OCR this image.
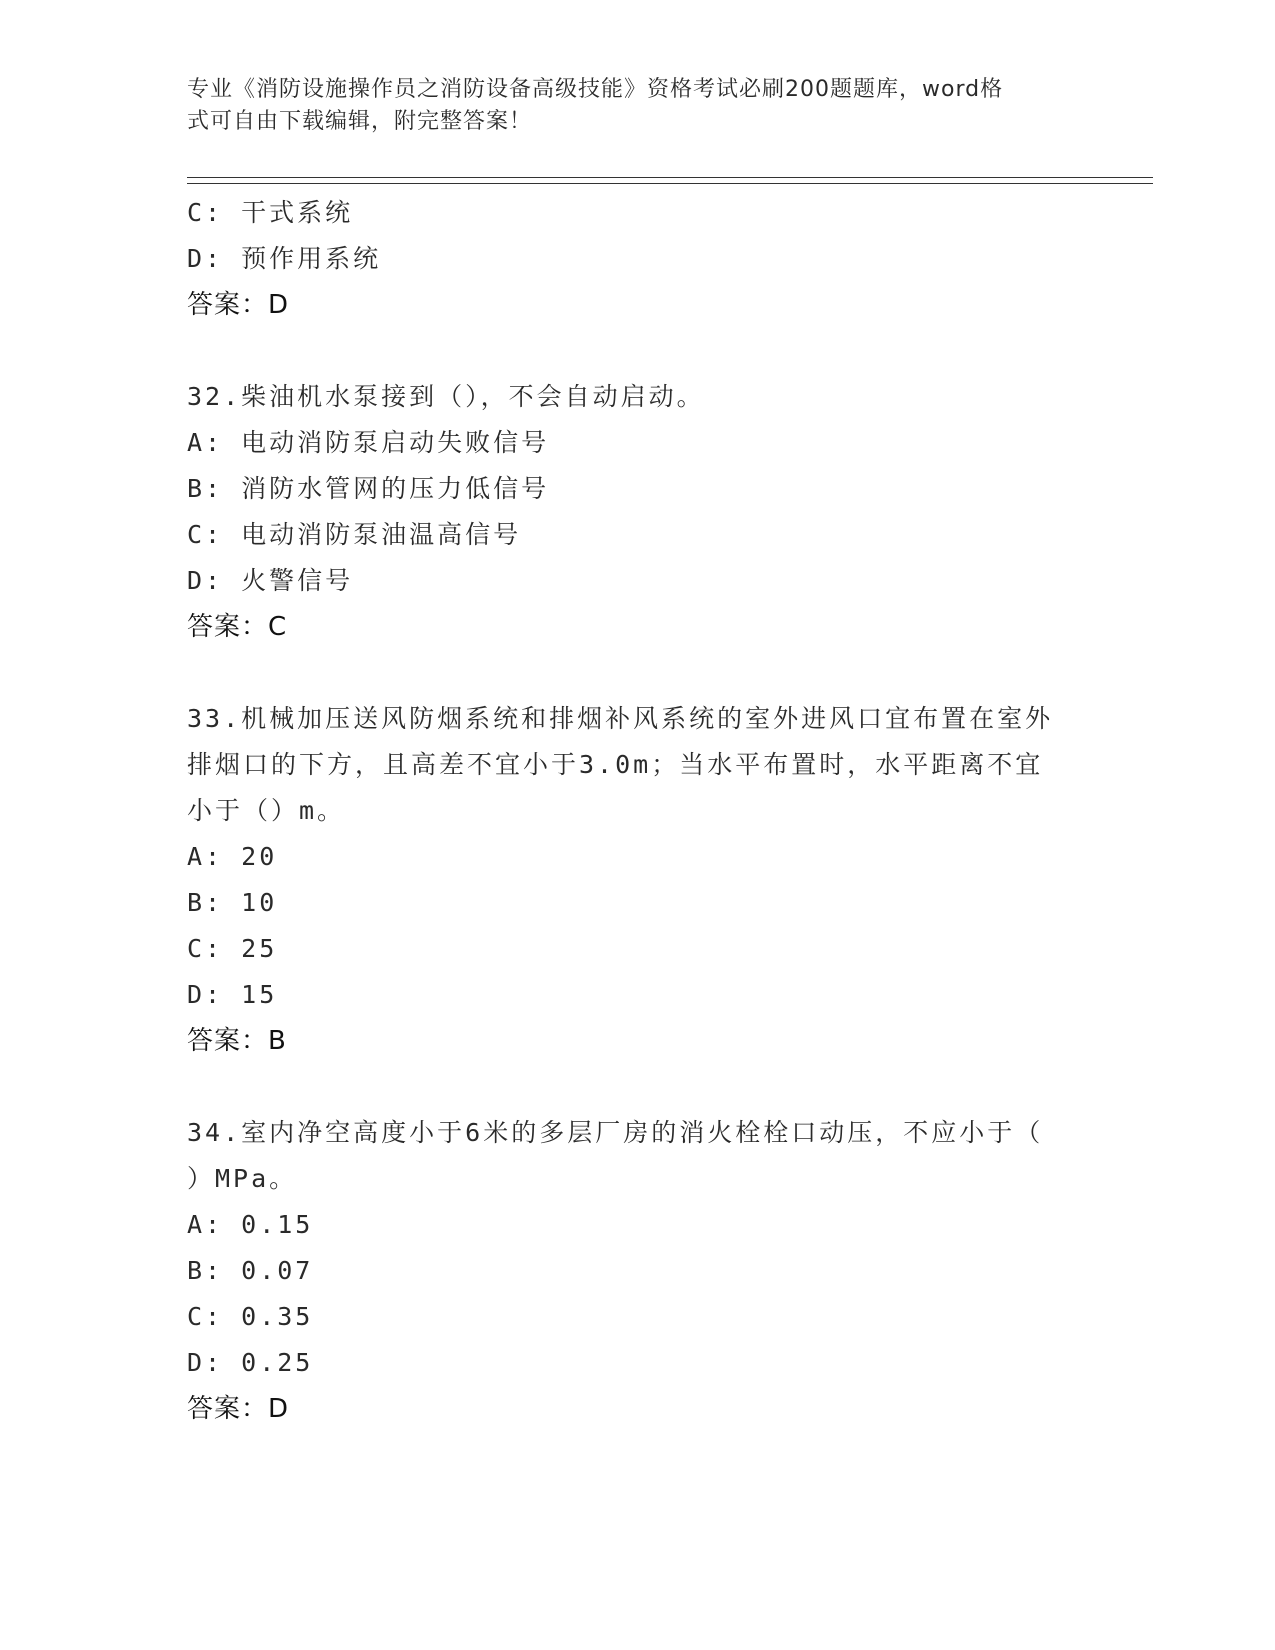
专业《消防设施操作员之消防设备高级技能》资格考试必刷200题题库，word格
式可自由下载编辑，附完整答案！
C: 干式系统
D: 预作用系统
答案：D
32.柴油机水泵接到（），不会自动启动。
A: 电动消防泵启动失败信号
B: 消防水管网的压力低信号
C: 电动消防泵油温高信号
D: 火警信号
答案：C
33.机械加压送风防烟系统和排烟补风系统的室外进风口宜布置在室外
排烟口的下方，且高差不宜小于3.0m；当水平布置时，水平距离不宜
小于（）m。
A: 20
B: 10
C: 25
D: 15
答案：B
34.室内净空高度小于6米的多层厂房的消火栓栓口动压，不应小于（
）MPa。
A: 0.15
B: 0.07
C: 0.35
D: 0.25
答案：D
